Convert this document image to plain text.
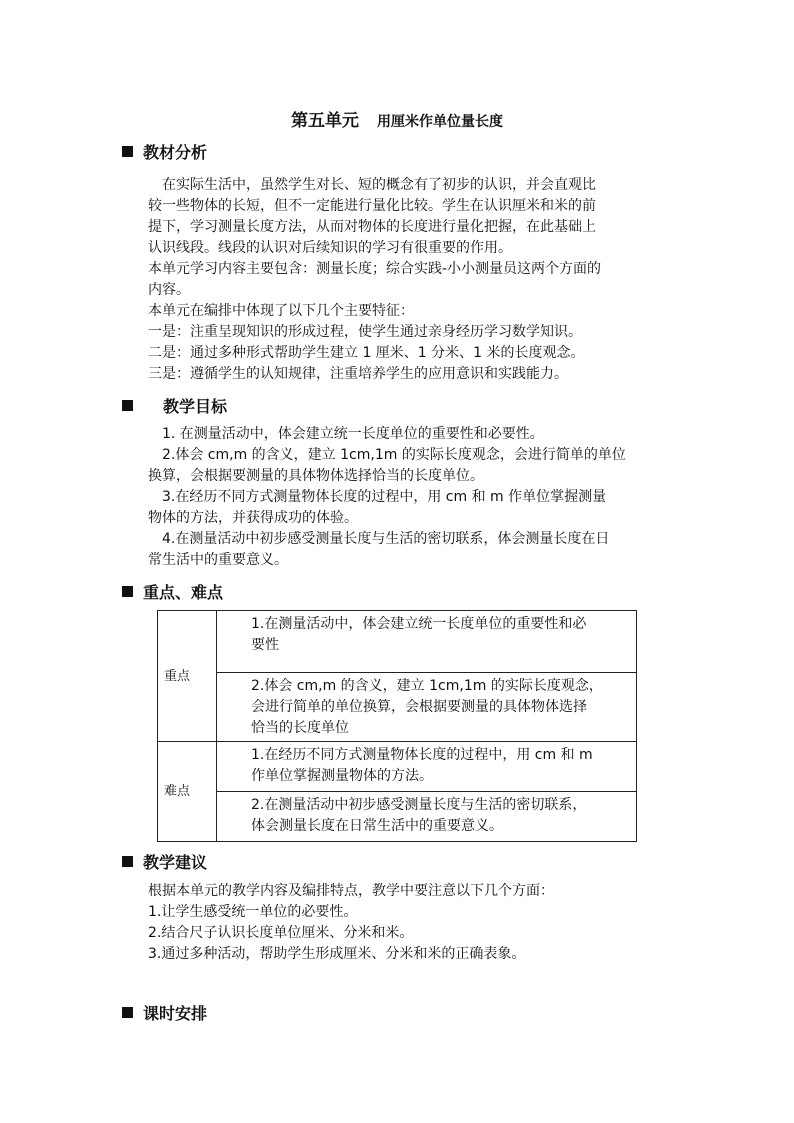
第五单元 用厘米作单位量长度
教材分析
　在实际生活中，虽然学生对长、短的概念有了初步的认识，并会直观比
较一些物体的长短，但不一定能进行量化比较。学生在认识厘米和米的前
提下，学习测量长度方法，从而对物体的长度进行量化把握，在此基础上
认识线段。线段的认识对后续知识的学习有很重要的作用。
本单元学习内容主要包含：测量长度；综合实践-小小测量员这两个方面的
内容。
本单元在编排中体现了以下几个主要特征：
一是：注重呈现知识的形成过程，使学生通过亲身经历学习数学知识。
二是：通过多种形式帮助学生建立 1 厘米、1 分米、1 米的长度观念。
三是：遵循学生的认知规律，注重培养学生的应用意识和实践能力。
教学目标
　1. 在测量活动中，体会建立统一长度单位的重要性和必要性。
　2.体会 cm,m 的含义，建立 1cm,1m 的实际长度观念，会进行简单的单位
换算，会根据要测量的具体物体选择恰当的长度单位。
　3.在经历不同方式测量物体长度的过程中，用 cm 和 m 作单位掌握测量
物体的方法，并获得成功的体验。
　4.在测量活动中初步感受测量长度与生活的密切联系，体会测量长度在日
常生活中的重要意义。
重点、难点
重点	1.在测量活动中，体会建立统一长度单位的重要性和必
要性

	2.体会 cm,m 的含义，建立 1cm,1m 的实际长度观念，
会进行简单的单位换算，会根据要测量的具体物体选择
恰当的长度单位

难点	1.在经历不同方式测量物体长度的过程中，用 cm 和 m
作单位掌握测量物体的方法。

	2.在测量活动中初步感受测量长度与生活的密切联系，
体会测量长度在日常生活中的重要意义。
教学建议
根据本单元的教学内容及编排特点，教学中要注意以下几个方面：
1.让学生感受统一单位的必要性。
2.结合尺子认识长度单位厘米、分米和米。
3.通过多种活动，帮助学生形成厘米、分米和米的正确表象。
课时安排
